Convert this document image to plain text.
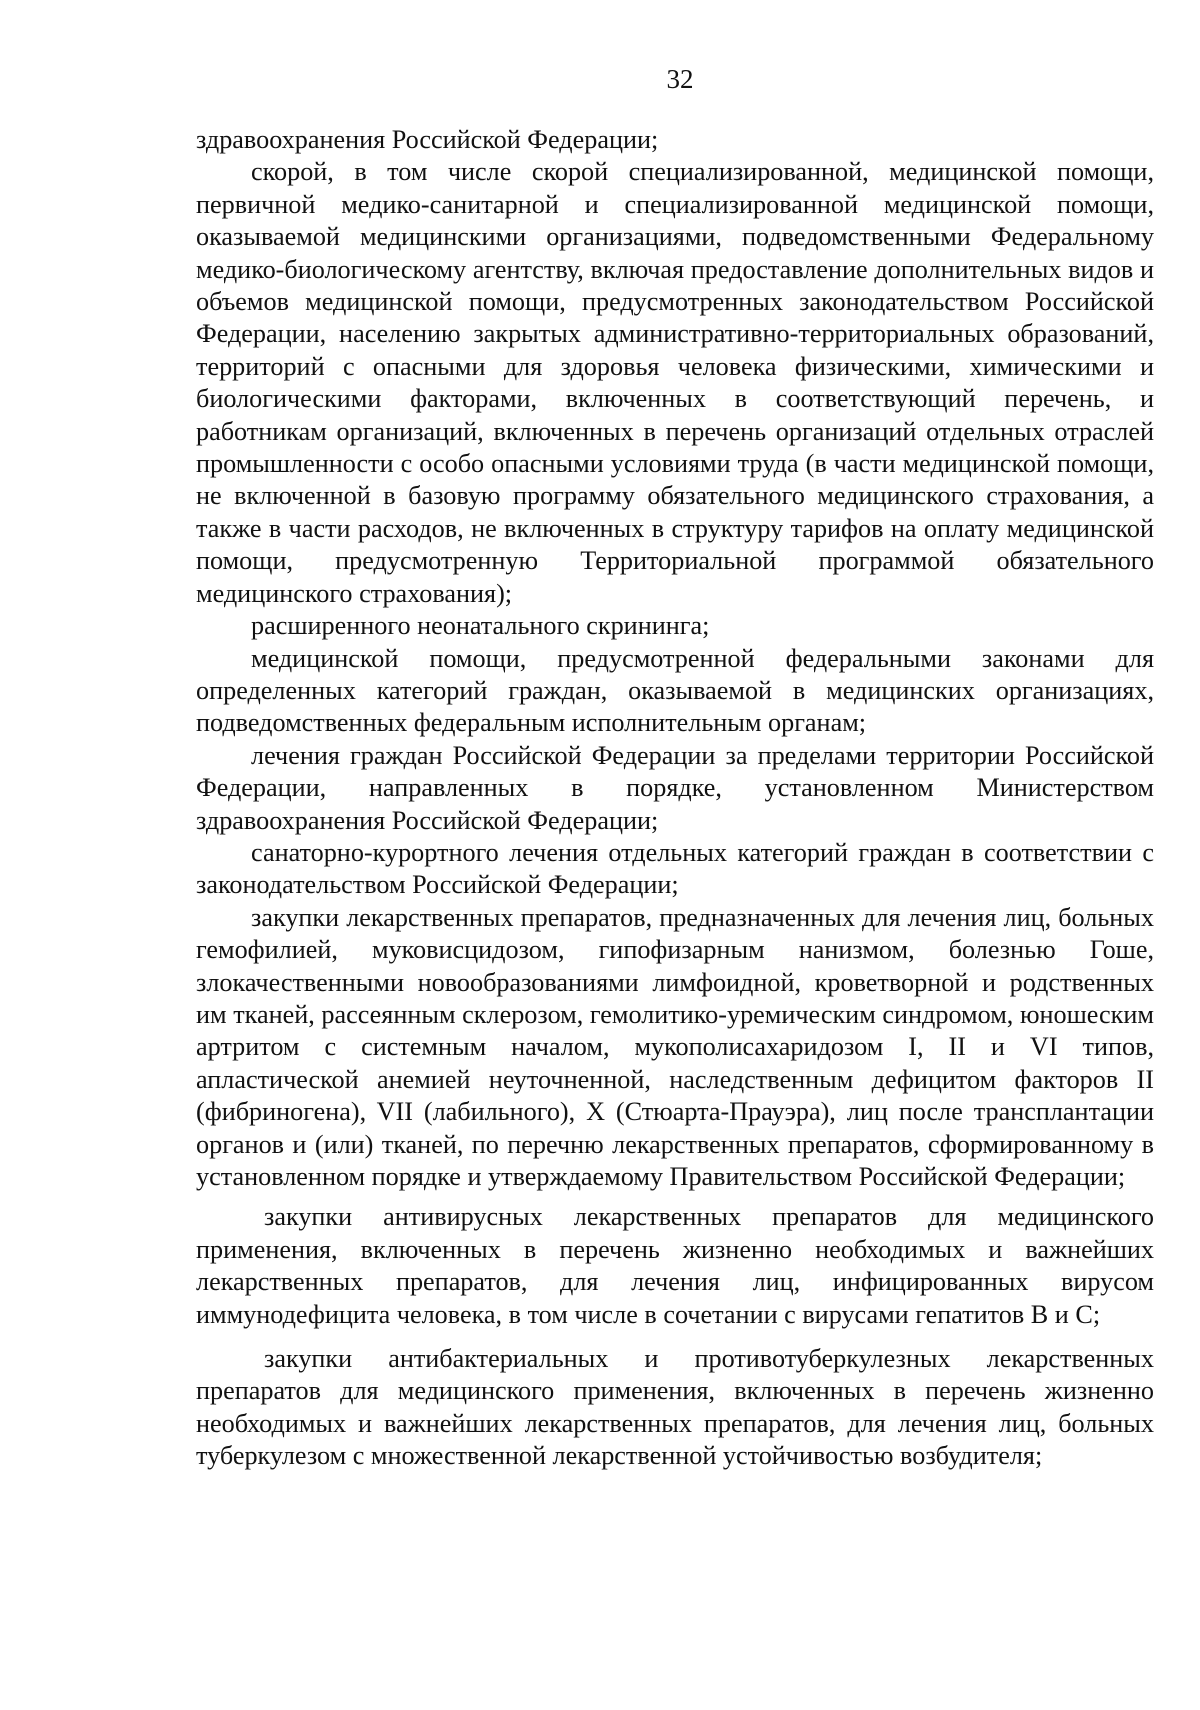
32

здравоохранения Российской Федерации;

скорой, в том числе скорой специализированной, медицинской помощи, первичной медико-санитарной и специализированной медицинской помощи, оказываемой медицинскими организациями, подведомственными Федеральному медико-биологическому агентству, включая предоставление дополнительных видов и объемов медицинской помощи, предусмотренных законодательством Российской Федерации, населению закрытых административно-территориальных образований, территорий с опасными для здоровья человека физическими, химическими и биологическими факторами, включенных в соответствующий перечень, и работникам организаций, включенных в перечень организаций отдельных отраслей промышленности с особо опасными условиями труда (в части медицинской помощи, не включенной в базовую программу обязательного медицинского страхования, а также в части расходов, не включенных в структуру тарифов на оплату медицинской помощи, предусмотренную Территориальной программой обязательного медицинского страхования);

расширенного неонатального скрининга;

медицинской помощи, предусмотренной федеральными законами для определенных категорий граждан, оказываемой в медицинских организациях, подведомственных федеральным исполнительным органам;

лечения граждан Российской Федерации за пределами территории Российской Федерации, направленных в порядке, установленном Министерством здравоохранения Российской Федерации;

санаторно-курортного лечения отдельных категорий граждан в соответствии с законодательством Российской Федерации;

закупки лекарственных препаратов, предназначенных для лечения лиц, больных гемофилией, муковисцидозом, гипофизарным нанизмом, болезнью Гоше, злокачественными новообразованиями лимфоидной, кроветворной и родственных им тканей, рассеянным склерозом, гемолитико-уремическим синдромом, юношеским артритом с системным началом, мукополисахаридозом I, II и VI типов, апластической анемией неуточненной, наследственным дефицитом факторов II (фибриногена), VII (лабильного), X (Стюарта-Прауэра), лиц после трансплантации органов и (или) тканей, по перечню лекарственных препаратов, сформированному в установленном порядке и утверждаемому Правительством Российской Федерации;

закупки антивирусных лекарственных препаратов для медицинского применения, включенных в перечень жизненно необходимых и важнейших лекарственных препаратов, для лечения лиц, инфицированных вирусом иммунодефицита человека, в том числе в сочетании с вирусами гепатитов B и C;

закупки антибактериальных и противотуберкулезных лекарственных препаратов для медицинского применения, включенных в перечень жизненно необходимых и важнейших лекарственных препаратов, для лечения лиц, больных туберкулезом с множественной лекарственной устойчивостью возбудителя;
